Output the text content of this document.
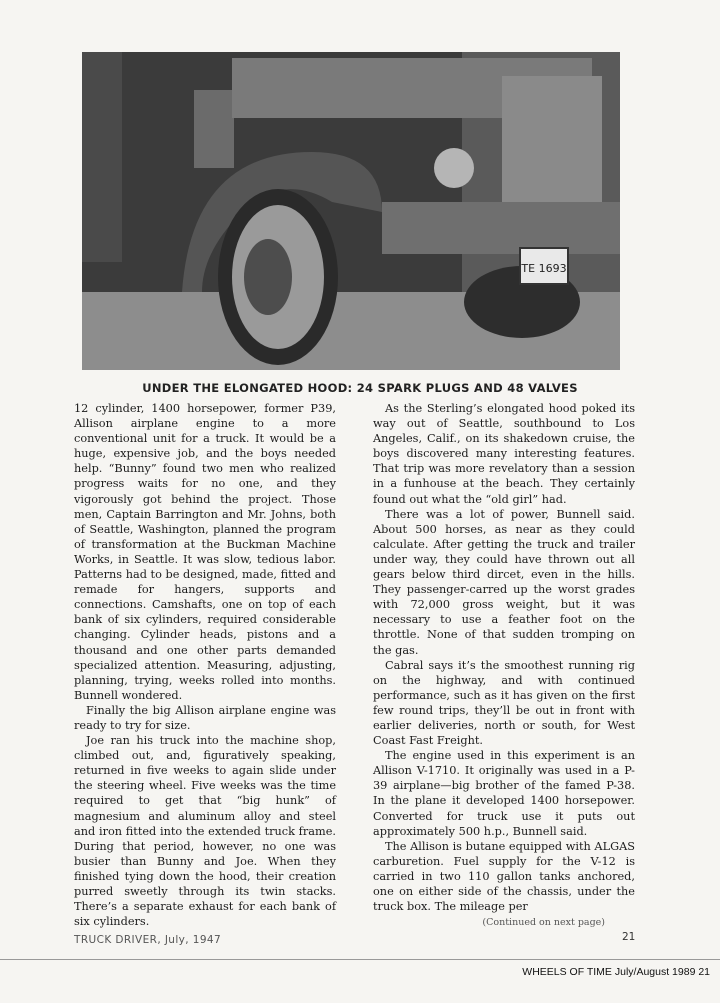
TE 1693
UNDER THE ELONGATED HOOD: 24 SPARK PLUGS AND 48 VALVES

12 cylinder, 1400 horsepower, former P39, Allison airplane engine to a more conventional unit for a truck. It would be a huge, expensive job, and the boys needed help. “Bunny” found two men who realized progress waits for no one, and they vigorously got behind the project. Those men, Captain Barrington and Mr. Johns, both of Seattle, Washington, planned the program of transformation at the Buckman Machine Works, in Seattle. It was slow, tedious labor. Patterns had to be designed, made, fitted and remade for hangers, supports and connections. Camshafts, one on top of each bank of six cylinders, required considerable changing. Cylinder heads, pistons and a thousand and one other parts demanded specialized attention. Measuring, adjusting, planning, trying, weeks rolled into months. Bunnell wondered.

Finally the big Allison airplane engine was ready to try for size.

Joe ran his truck into the machine shop, climbed out, and, figuratively speaking, returned in five weeks to again slide under the steering wheel. Five weeks was the time required to get that “big hunk” of magnesium and aluminum alloy and steel and iron fitted into the extended truck frame. During that period, however, no one was busier than Bunny and Joe. When they finished tying down the hood, their creation purred sweetly through its twin stacks. There’s a separate exhaust for each bank of six cylinders.

As the Sterling’s elongated hood poked its way out of Seattle, southbound to Los Angeles, Calif., on its shakedown cruise, the boys discovered many interesting features. That trip was more revelatory than a session in a funhouse at the beach. They certainly found out what the “old girl” had.

There was a lot of power, Bunnell said. About 500 horses, as near as they could calculate. After getting the truck and trailer under way, they could have thrown out all gears below third dircet, even in the hills. They passenger-carred up the worst grades with 72,000 gross weight, but it was necessary to use a feather foot on the throttle. None of that sudden tromping on the gas.

Cabral says it’s the smoothest running rig on the highway, and with continued performance, such as it has given on the first few round trips, they’ll be out in front with earlier deliveries, north or south, for West Coast Fast Freight.

The engine used in this experiment is an Allison V-1710. It originally was used in a P-39 airplane—big brother of the famed P-38. In the plane it developed 1400 horsepower. Converted for truck use it puts out approximately 500 h.p., Bunnell said.

The Allison is butane equipped with ALGAS carburetion. Fuel supply for the V-12 is carried in two 110 gallon tanks anchored, one on either side of the chassis, under the truck box. The mileage per

(Continued on next page)
TRUCK DRIVER, July, 1947	21
WHEELS OF TIME July/August 1989 21
